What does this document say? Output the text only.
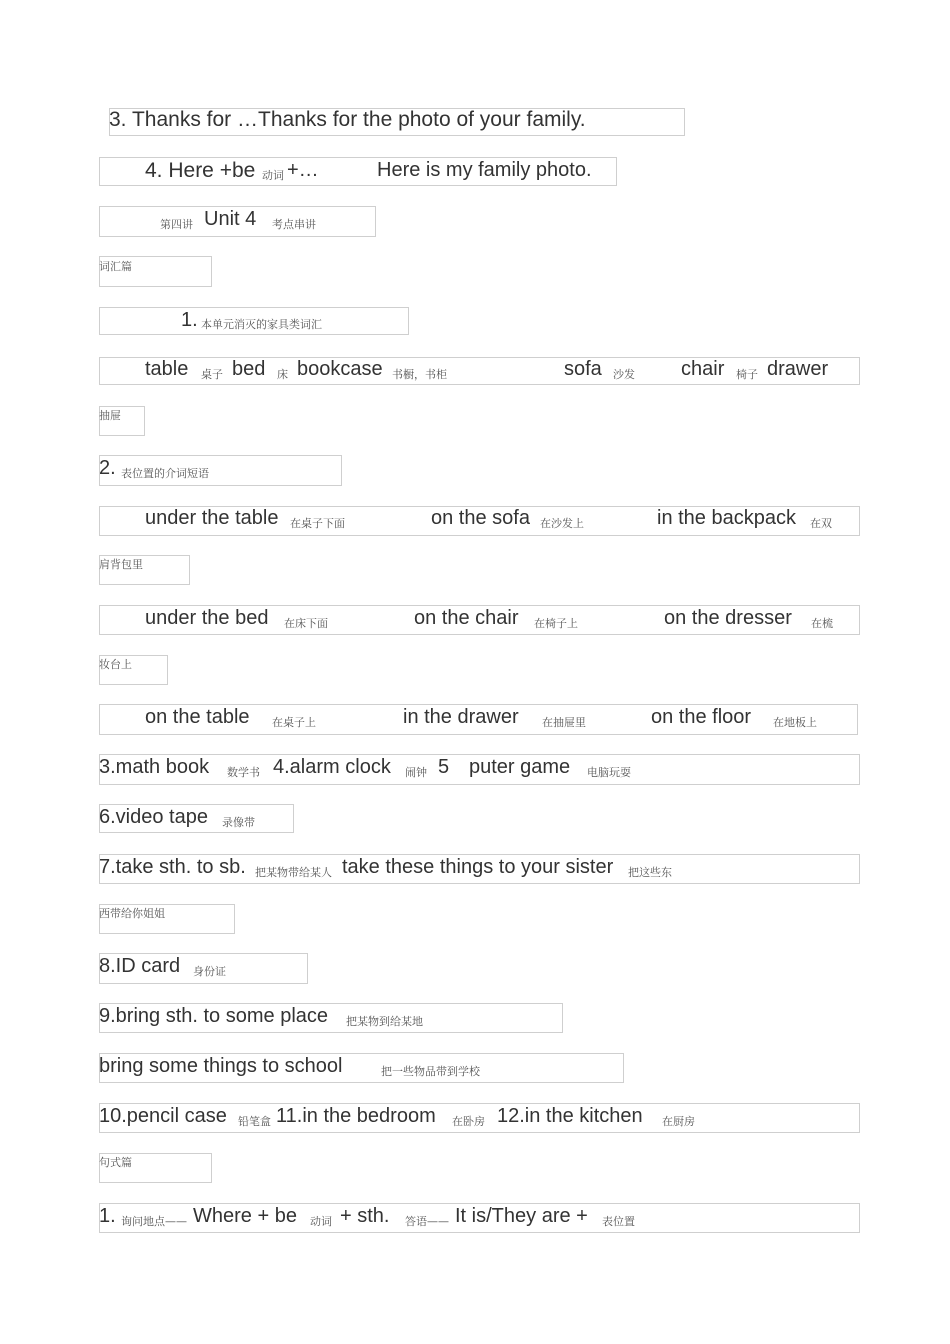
3. Thanks for …Thanks for the photo of your family.
4. Here +be 动词 +…	Here is my family photo.
第四讲 Unit 4 考点串讲
词汇篇
1. 本单元消灭的家具类词汇
table 桌子 bed 床 bookcase 书橱，书柜	sofa 沙发 chair 椅子 drawer
抽屉
2. 表位置的介词短语
under the table 在桌子下面	on the sofa 在沙发上	in the backpack 在双
肩背包里
under the bed 在床下面	on the chair 在椅子上	on the dresser 在梳
妆台上
on the table 在桌子上	in the drawer 在抽屉里	on the floor 在地板上
3.math book 数学书 4.alarm clock 闹钟 5 puter game 电脑玩耍
6.video tape 录像带
7.take sth. to sb. 把某物带给某人 take these things to your sister 把这些东
西带给你姐姐
8.ID card 身份证
9.bring sth. to some place 把某物到给某地
bring some things to school	把一些物品带到学校
10.pencil case 铅笔盒 11.in the bedroom 在卧房 12.in the kitchen 在厨房
句式篇
1. 询问地点—— Where + be 动词 + sth. 答语—— It is/They are + 表位置
